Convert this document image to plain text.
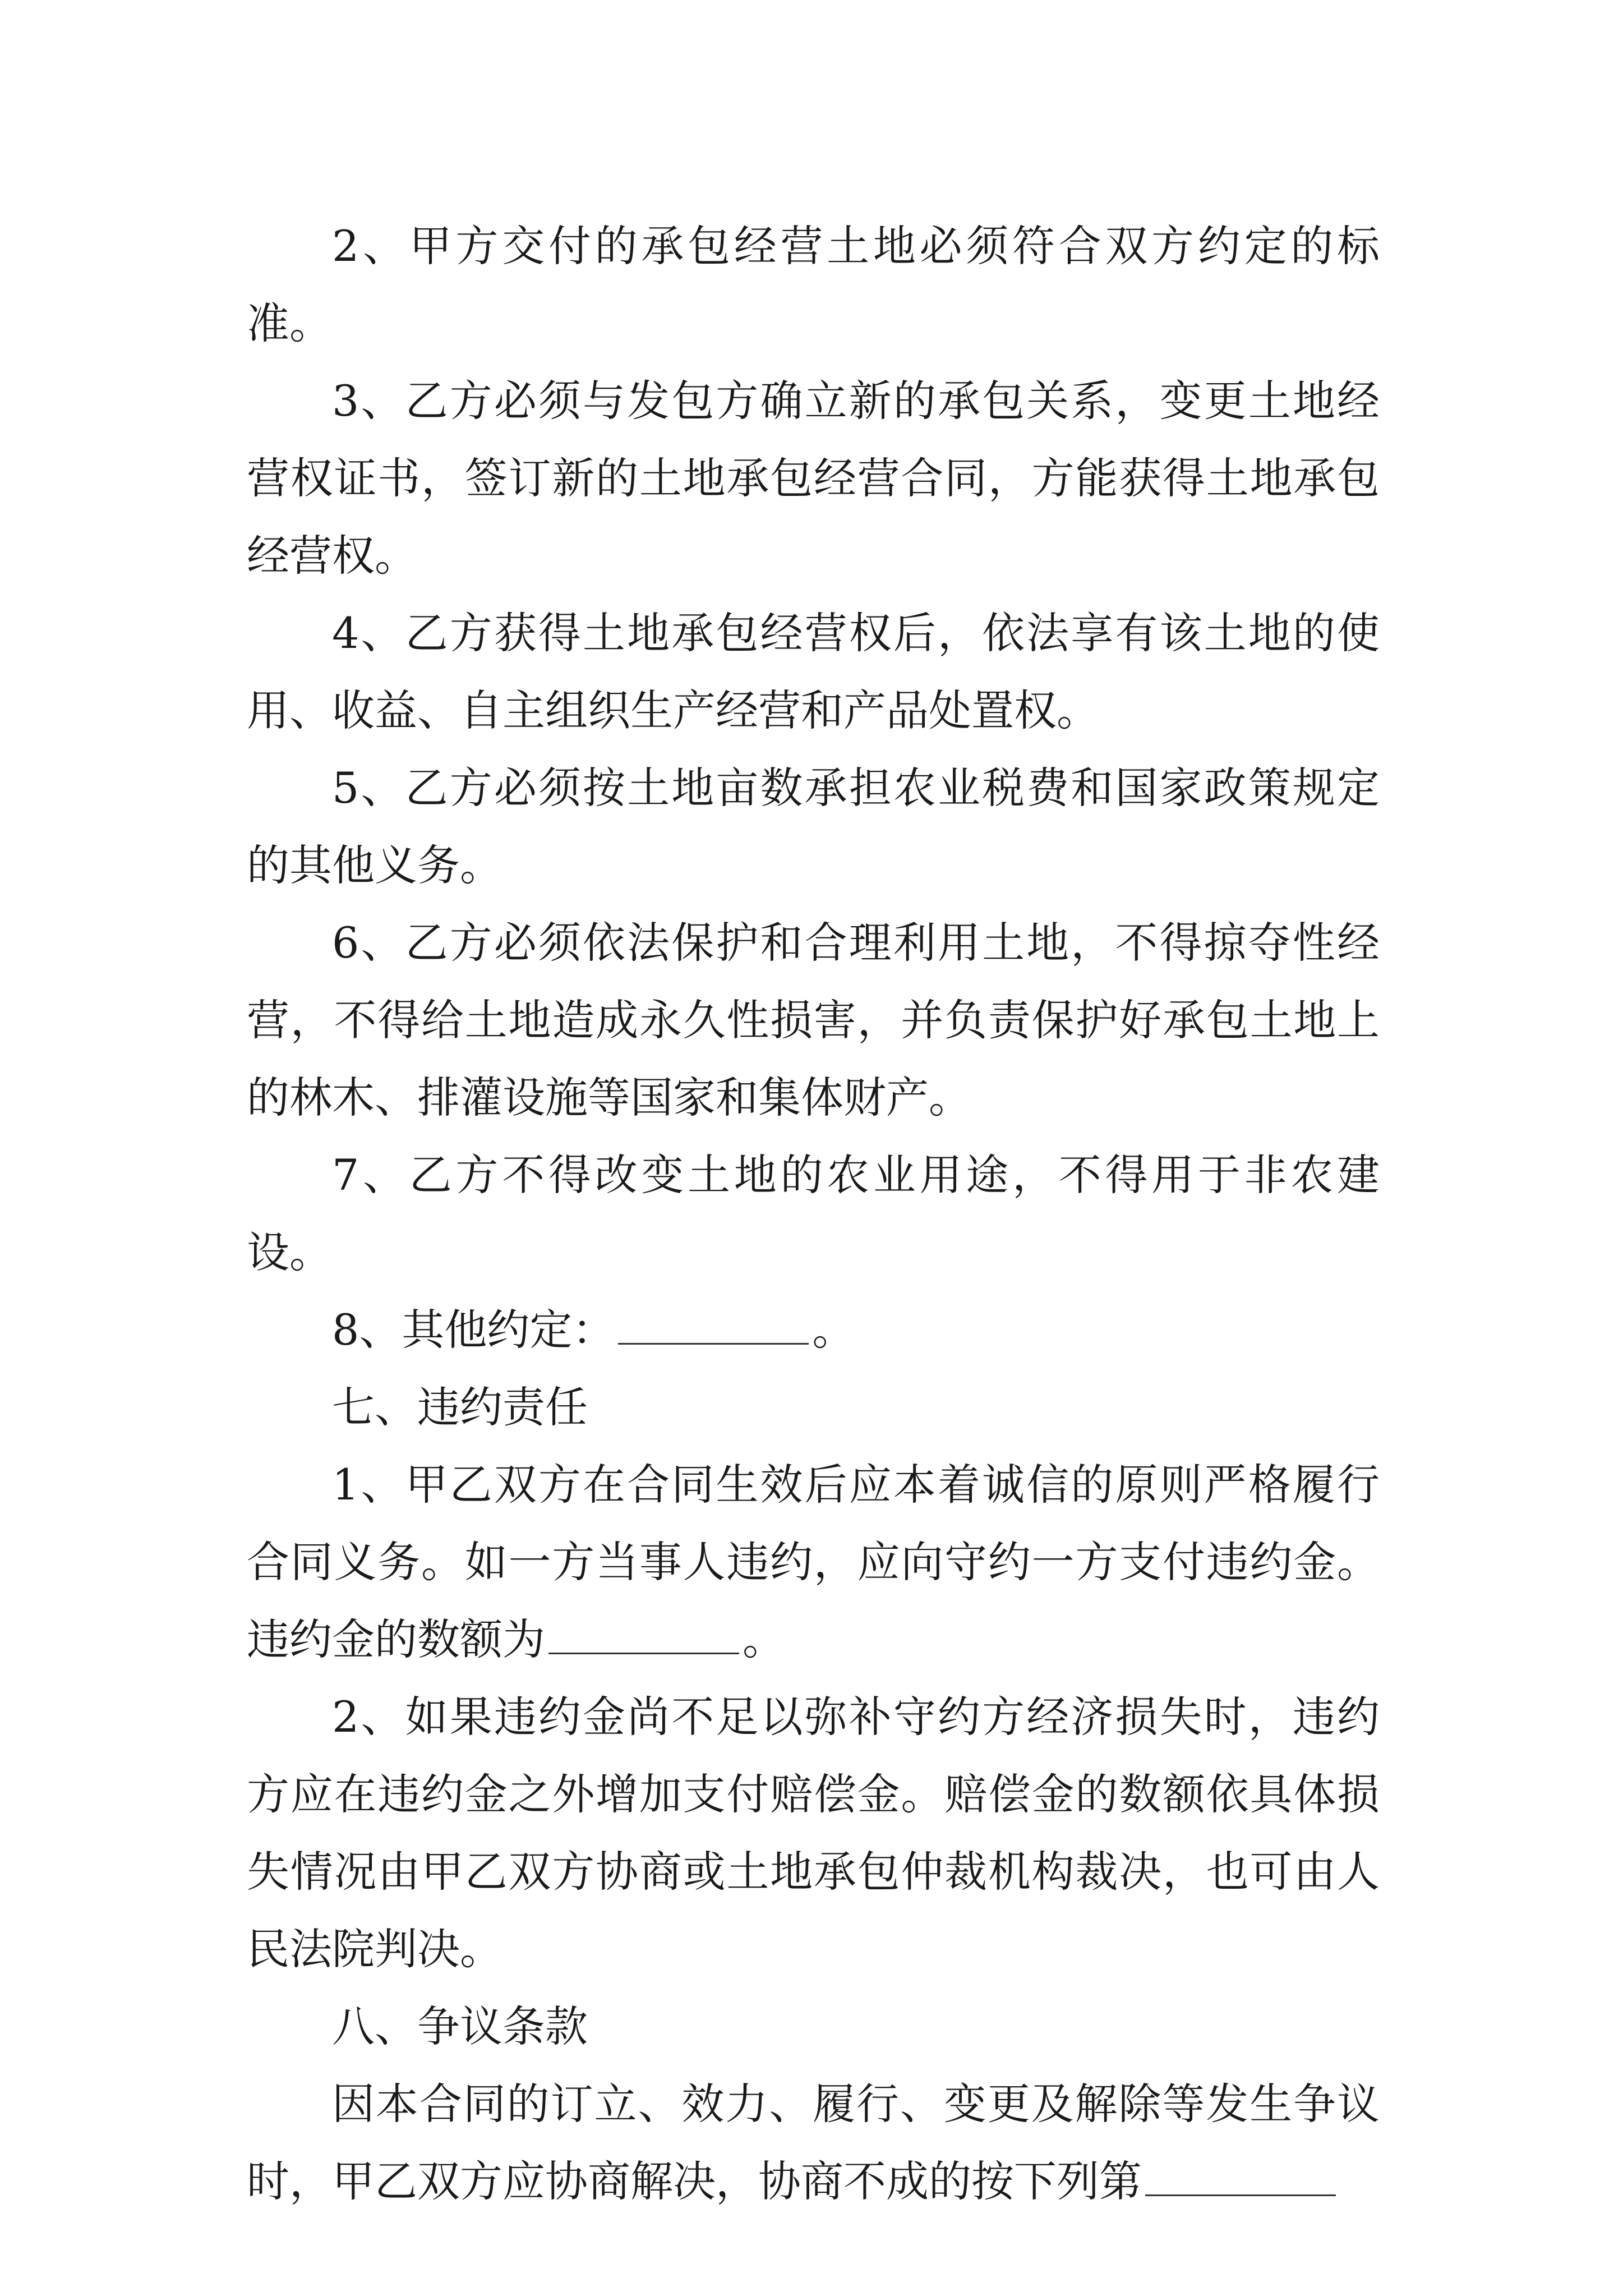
2、甲方交付的承包经营土地必须符合双方约定的标准。

3、乙方必须与发包方确立新的承包关系，变更土地经营权证书，签订新的土地承包经营合同，方能获得土地承包经营权。

4、乙方获得土地承包经营权后，依法享有该土地的使用、收益、自主组织生产经营和产品处置权。

5、乙方必须按土地亩数承担农业税费和国家政策规定的其他义务。

6、乙方必须依法保护和合理利用土地，不得掠夺性经营，不得给土地造成永久性损害，并负责保护好承包土地上的林木、排灌设施等国家和集体财产。

7、乙方不得改变土地的农业用途，不得用于非农建设。

8、其他约定：	。

七、违约责任

1、甲乙双方在合同生效后应本着诚信的原则严格履行合同义务。如一方当事人违约，应向守约一方支付违约金。违约金的数额为	。

2、如果违约金尚不足以弥补守约方经济损失时，违约方应在违约金之外增加支付赔偿金。赔偿金的数额依具体损失情况由甲乙双方协商或土地承包仲裁机构裁决，也可由人民法院判决。

八、争议条款

因本合同的订立、效力、履行、变更及解除等发生争议时，甲乙双方应协商解决，协商不成的按下列第
